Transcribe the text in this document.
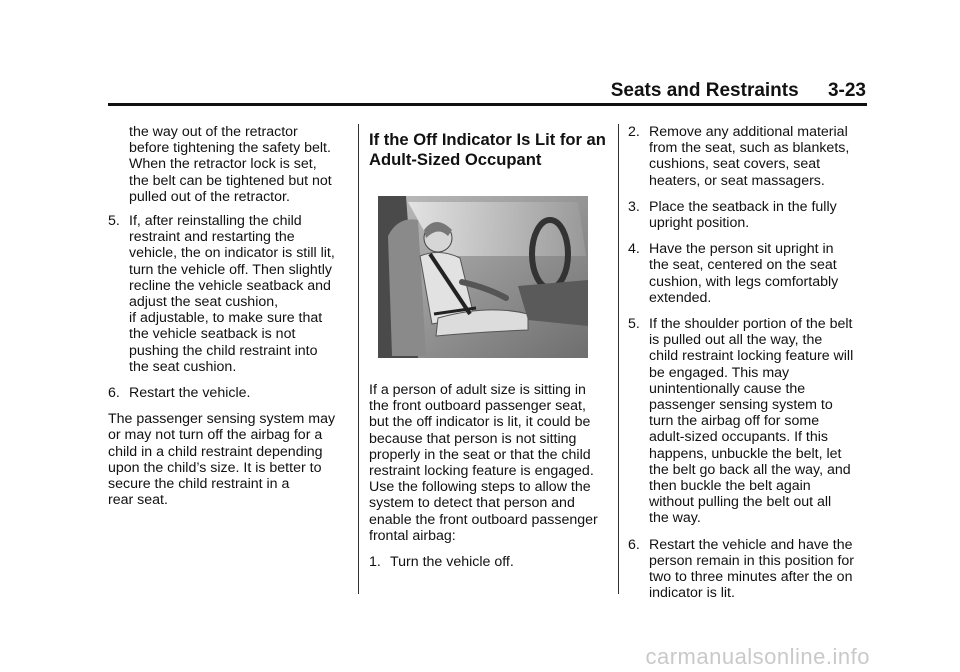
Seats and Restraints 3-23
the way out of the retractor
before tightening the safety belt.
When the retractor lock is set,
the belt can be tightened but not
pulled out of the retractor.
5. If, after reinstalling the child
restraint and restarting the
vehicle, the on indicator is still lit,
turn the vehicle off. Then slightly
recline the vehicle seatback and
adjust the seat cushion,
if adjustable, to make sure that
the vehicle seatback is not
pushing the child restraint into
the seat cushion.
6. Restart the vehicle.
The passenger sensing system may
or may not turn off the airbag for a
child in a child restraint depending
upon the child’s size. It is better to
secure the child restraint in a
rear seat.
If the Off Indicator Is Lit for an
Adult-Sized Occupant
If a person of adult size is sitting in
the front outboard passenger seat,
but the off indicator is lit, it could be
because that person is not sitting
properly in the seat or that the child
restraint locking feature is engaged.
Use the following steps to allow the
system to detect that person and
enable the front outboard passenger
frontal airbag:
1. Turn the vehicle off.
2. Remove any additional material
from the seat, such as blankets,
cushions, seat covers, seat
heaters, or seat massagers.
3. Place the seatback in the fully
upright position.
4. Have the person sit upright in
the seat, centered on the seat
cushion, with legs comfortably
extended.
5. If the shoulder portion of the belt
is pulled out all the way, the
child restraint locking feature will
be engaged. This may
unintentionally cause the
passenger sensing system to
turn the airbag off for some
adult-sized occupants. If this
happens, unbuckle the belt, let
the belt go back all the way, and
then buckle the belt again
without pulling the belt out all
the way.
6. Restart the vehicle and have the
person remain in this position for
two to three minutes after the on
indicator is lit.
carmanualsonline.info
